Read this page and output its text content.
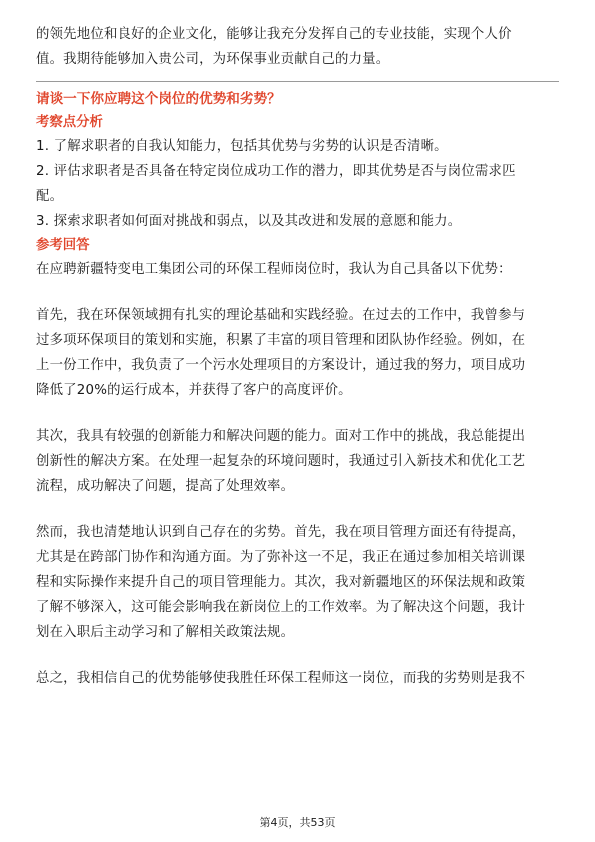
的领先地位和良好的企业文化，能够让我充分发挥自己的专业技能，实现个人价

值。我期待能够加入贵公司，为环保事业贡献自己的力量。

请谈一下你应聘这个岗位的优势和劣势？

考察点分析

1. 了解求职者的自我认知能力，包括其优势与劣势的认识是否清晰。

2. 评估求职者是否具备在特定岗位成功工作的潜力，即其优势是否与岗位需求匹

配。

3. 探索求职者如何面对挑战和弱点，以及其改进和发展的意愿和能力。

参考回答

在应聘新疆特变电工集团公司的环保工程师岗位时，我认为自己具备以下优势：

首先，我在环保领域拥有扎实的理论基础和实践经验。在过去的工作中，我曾参与

过多项环保项目的策划和实施，积累了丰富的项目管理和团队协作经验。例如，在

上一份工作中，我负责了一个污水处理项目的方案设计，通过我的努力，项目成功

降低了20%的运行成本，并获得了客户的高度评价。

其次，我具有较强的创新能力和解决问题的能力。面对工作中的挑战，我总能提出

创新性的解决方案。在处理一起复杂的环境问题时，我通过引入新技术和优化工艺

流程，成功解决了问题，提高了处理效率。

然而，我也清楚地认识到自己存在的劣势。首先，我在项目管理方面还有待提高，

尤其是在跨部门协作和沟通方面。为了弥补这一不足，我正在通过参加相关培训课

程和实际操作来提升自己的项目管理能力。其次，我对新疆地区的环保法规和政策

了解不够深入，这可能会影响我在新岗位上的工作效率。为了解决这个问题，我计

划在入职后主动学习和了解相关政策法规。

总之，我相信自己的优势能够使我胜任环保工程师这一岗位，而我的劣势则是我不

第4页，共53页
